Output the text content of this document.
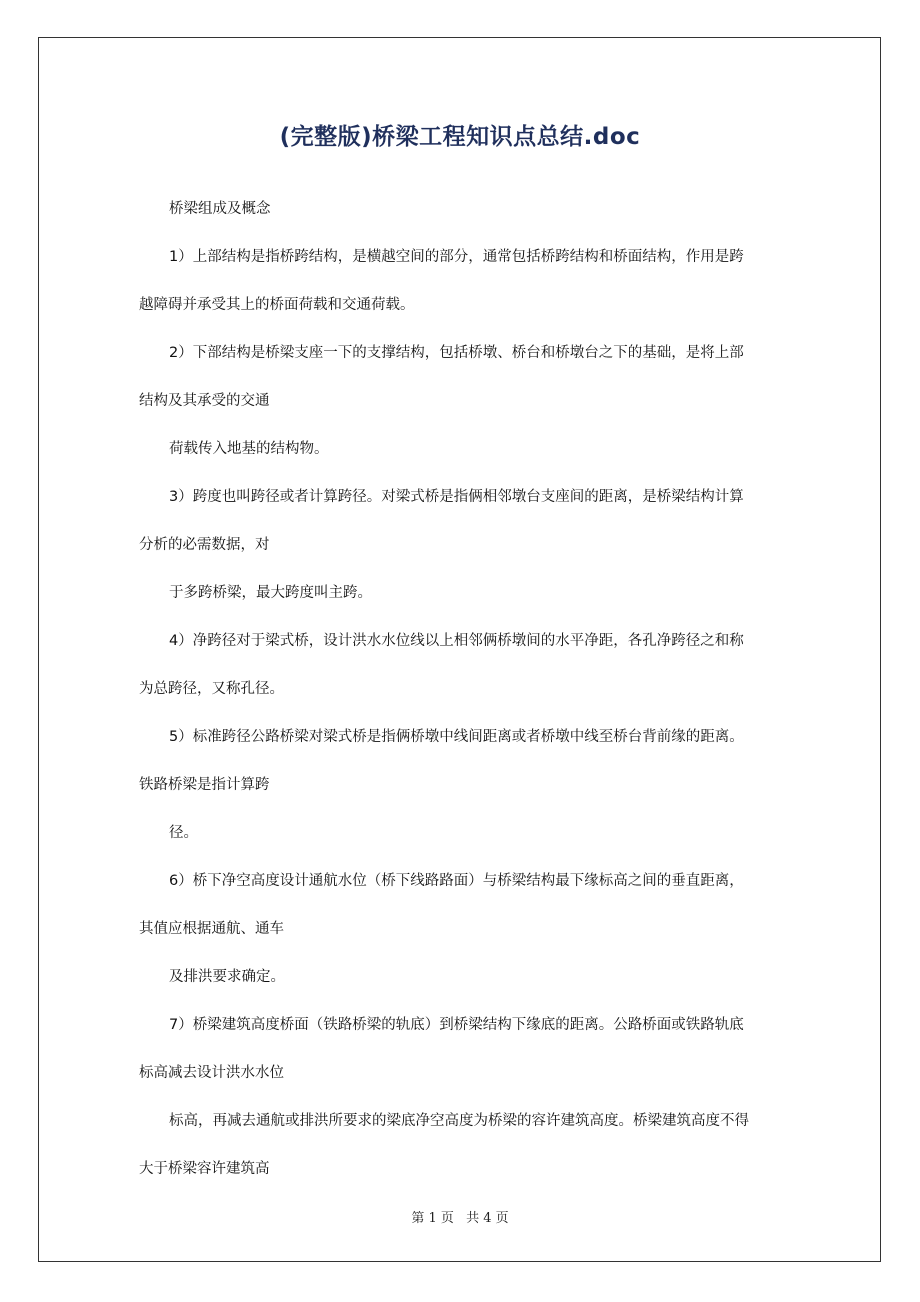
(完整版)桥梁工程知识点总结.doc
桥梁组成及概念
1）上部结构是指桥跨结构，是横越空间的部分，通常包括桥跨结构和桥面结构，作用是跨
越障碍并承受其上的桥面荷载和交通荷载。
2）下部结构是桥梁支座一下的支撑结构，包括桥墩、桥台和桥墩台之下的基础，是将上部
结构及其承受的交通
荷载传入地基的结构物。
3）跨度也叫跨径或者计算跨径。对梁式桥是指俩相邻墩台支座间的距离，是桥梁结构计算
分析的必需数据，对
于多跨桥梁，最大跨度叫主跨。
4）净跨径对于梁式桥，设计洪水水位线以上相邻俩桥墩间的水平净距，各孔净跨径之和称
为总跨径，又称孔径。
5）标准跨径公路桥梁对梁式桥是指俩桥墩中线间距离或者桥墩中线至桥台背前缘的距离。
铁路桥梁是指计算跨
径。
6）桥下净空高度设计通航水位（桥下线路路面）与桥梁结构最下缘标高之间的垂直距离，
其值应根据通航、通车
及排洪要求确定。
7）桥梁建筑高度桥面（铁路桥梁的轨底）到桥梁结构下缘底的距离。公路桥面或铁路轨底
标高减去设计洪水水位
标高，再减去通航或排洪所要求的梁底净空高度为桥梁的容许建筑高度。桥梁建筑高度不得
大于桥梁容许建筑高
第 1 页 共 4 页
